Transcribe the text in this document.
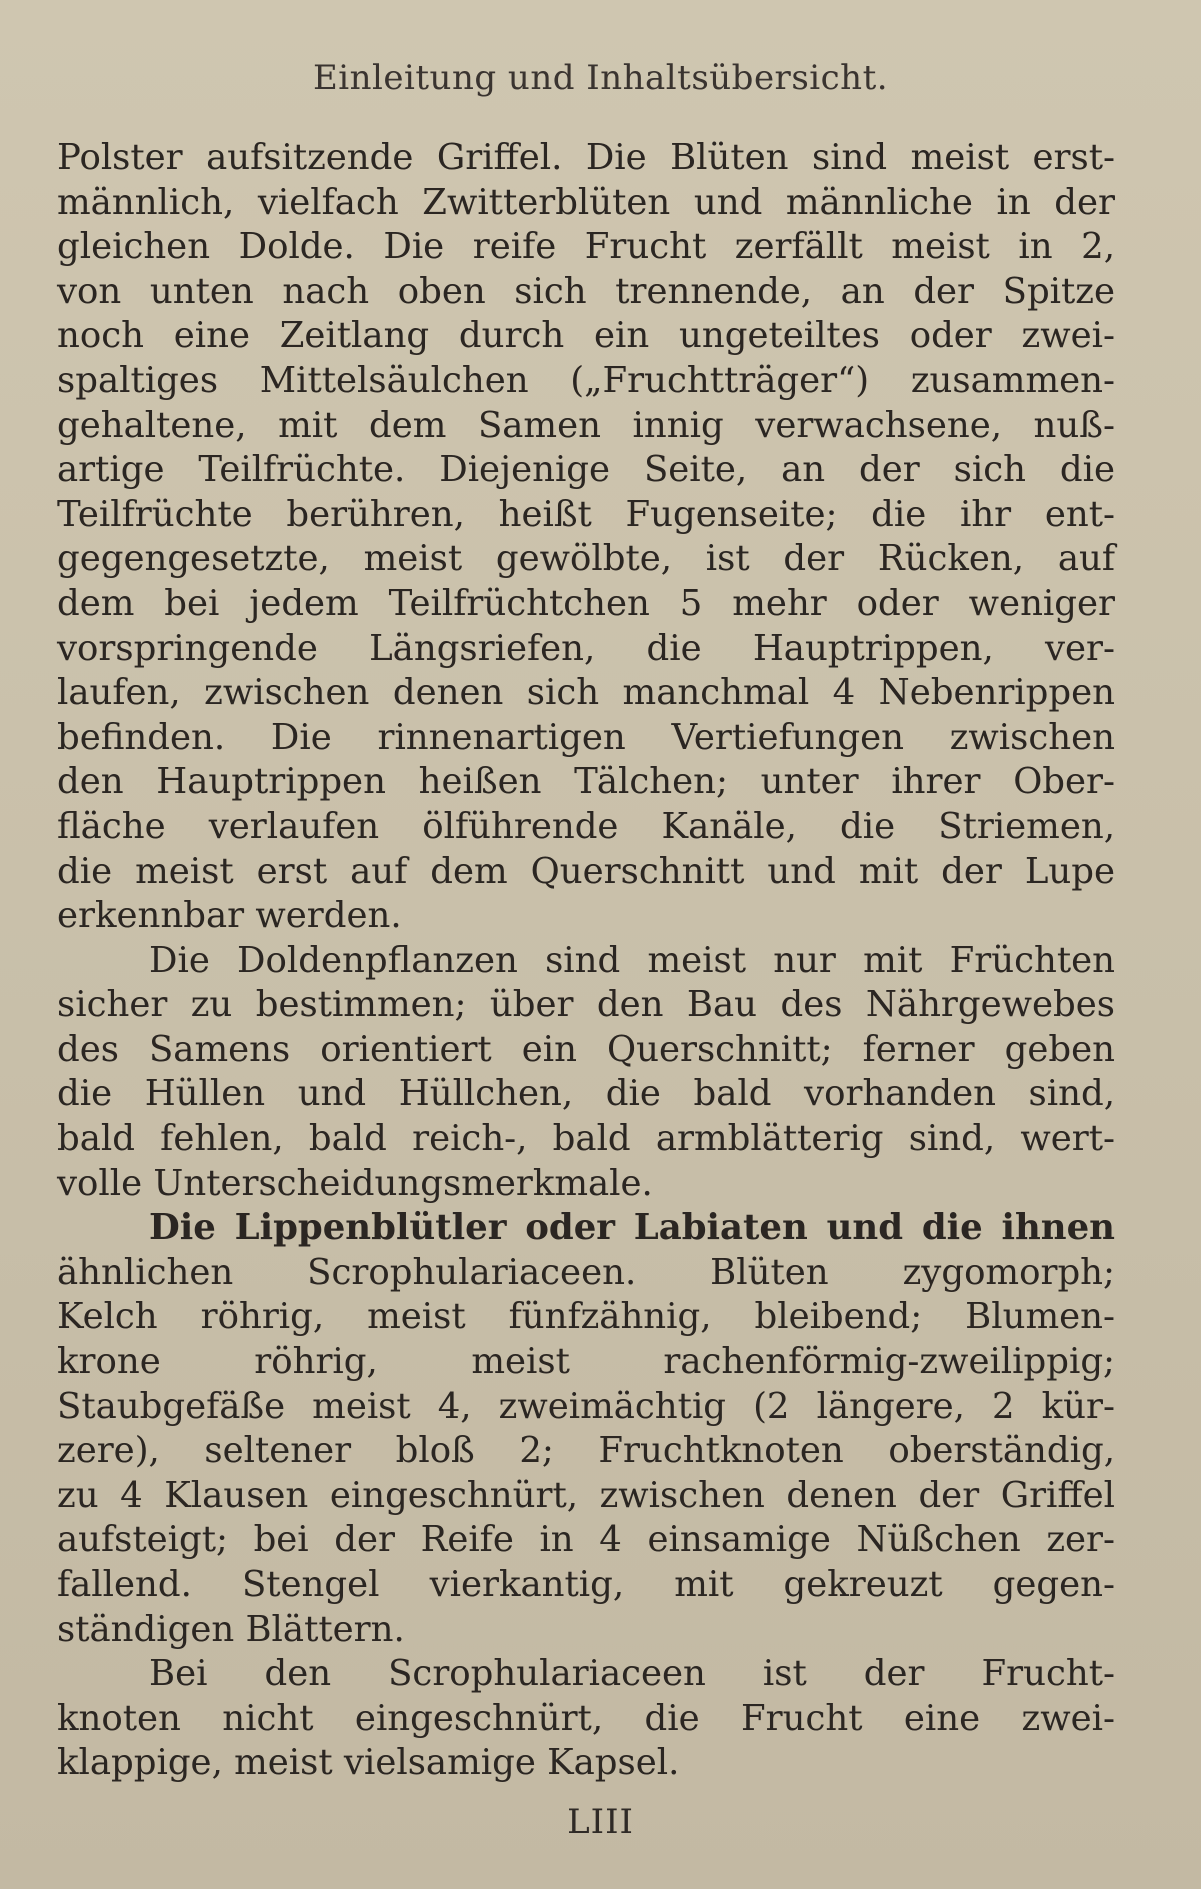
Einleitung und Inhaltsübersicht.
Polster aufsitzende Griffel. Die Blüten sind meist erst-
männlich, vielfach Zwitterblüten und männliche in der
gleichen Dolde. Die reife Frucht zerfällt meist in 2,
von unten nach oben sich trennende, an der Spitze
noch eine Zeitlang durch ein ungeteiltes oder zwei-
spaltiges Mittelsäulchen („Fruchtträger“) zusammen-
gehaltene, mit dem Samen innig verwachsene, nuß-
artige Teilfrüchte. Diejenige Seite, an der sich die
Teilfrüchte berühren, heißt Fugenseite; die ihr ent-
gegengesetzte, meist gewölbte, ist der Rücken, auf
dem bei jedem Teilfrüchtchen 5 mehr oder weniger
vorspringende Längsriefen, die Hauptrippen, ver-
laufen, zwischen denen sich manchmal 4 Nebenrippen
befinden. Die rinnenartigen Vertiefungen zwischen
den Hauptrippen heißen Tälchen; unter ihrer Ober-
fläche verlaufen ölführende Kanäle, die Striemen,
die meist erst auf dem Querschnitt und mit der Lupe
erkennbar werden.
Die Doldenpflanzen sind meist nur mit Früchten
sicher zu bestimmen; über den Bau des Nährgewebes
des Samens orientiert ein Querschnitt; ferner geben
die Hüllen und Hüllchen, die bald vorhanden sind,
bald fehlen, bald reich-, bald armblätterig sind, wert-
volle Unterscheidungsmerkmale.
Die Lippenblütler oder Labiaten und die ihnen
ähnlichen Scrophulariaceen. Blüten zygomorph;
Kelch röhrig, meist fünfzähnig, bleibend; Blumen-
krone röhrig, meist rachenförmig-zweilippig;
Staubgefäße meist 4, zweimächtig (2 längere, 2 kür-
zere), seltener bloß 2; Fruchtknoten oberständig,
zu 4 Klausen eingeschnürt, zwischen denen der Griffel
aufsteigt; bei der Reife in 4 einsamige Nüßchen zer-
fallend. Stengel vierkantig, mit gekreuzt gegen-
ständigen Blättern.
Bei den Scrophulariaceen ist der Frucht-
knoten nicht eingeschnürt, die Frucht eine zwei-
klappige, meist vielsamige Kapsel.
LIII
